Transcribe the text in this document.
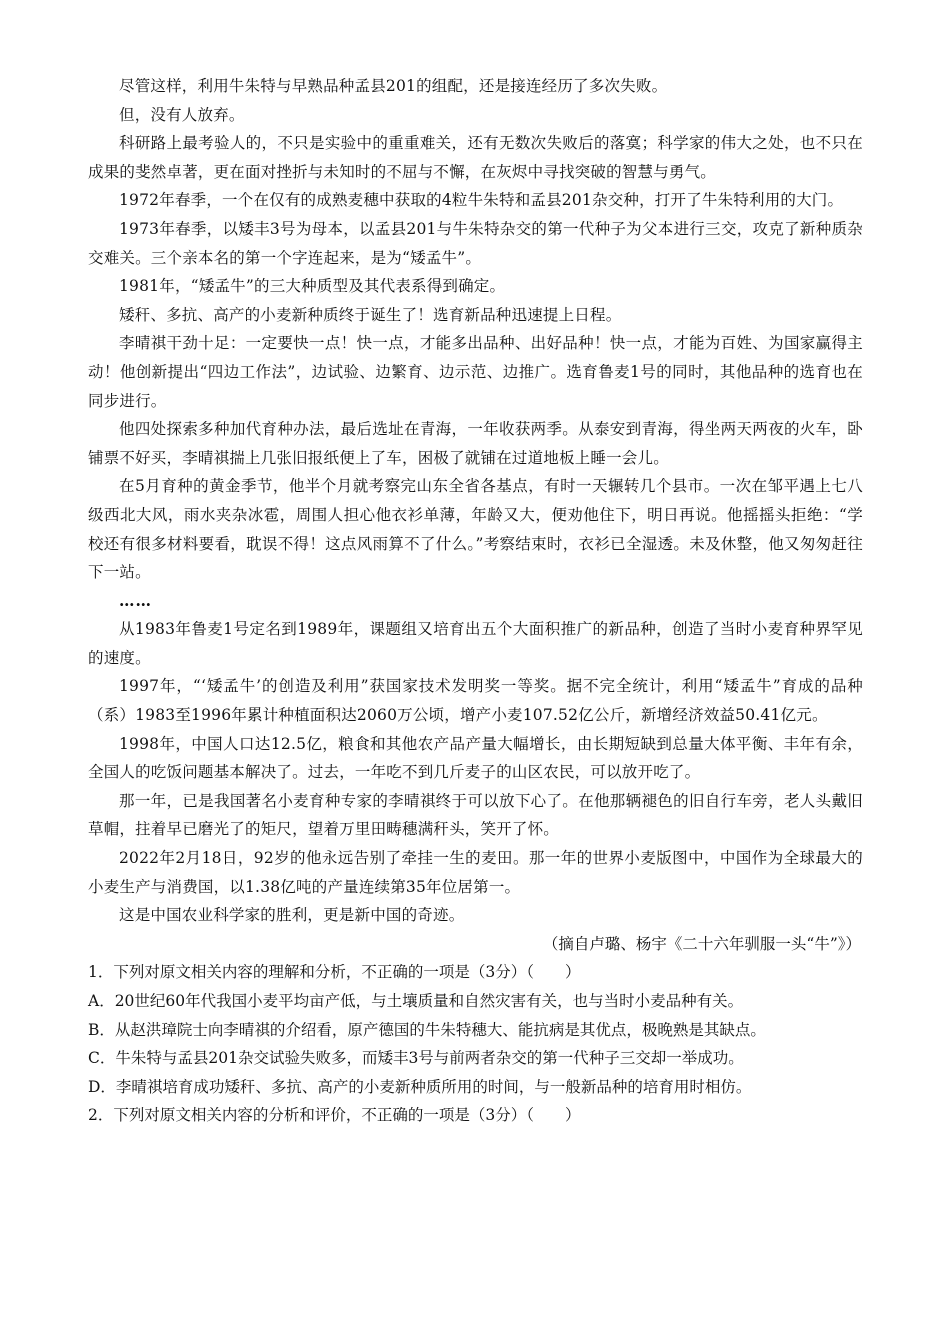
尽管这样，利用牛朱特与早熟品种孟县201的组配，还是接连经历了多次失败。

但，没有人放弃。

科研路上最考验人的，不只是实验中的重重难关，还有无数次失败后的落寞；科学家的伟大之处，也不只在成果的斐然卓著，更在面对挫折与未知时的不屈与不懈，在灰烬中寻找突破的智慧与勇气。

1972年春季，一个在仅有的成熟麦穗中获取的4粒牛朱特和孟县201杂交种，打开了牛朱特利用的大门。

1973年春季，以矮丰3号为母本，以孟县201与牛朱特杂交的第一代种子为父本进行三交，攻克了新种质杂交难关。三个亲本名的第一个字连起来，是为“矮孟牛”。

1981年，“矮孟牛”的三大种质型及其代表系得到确定。

矮秆、多抗、高产的小麦新种质终于诞生了！选育新品种迅速提上日程。

李晴祺干劲十足：一定要快一点！快一点，才能多出品种、出好品种！快一点，才能为百姓、为国家赢得主动！他创新提出“四边工作法”，边试验、边繁育、边示范、边推广。选育鲁麦1号的同时，其他品种的选育也在同步进行。

他四处探索多种加代育种办法，最后选址在青海，一年收获两季。从泰安到青海，得坐两天两夜的火车，卧铺票不好买，李晴祺揣上几张旧报纸便上了车，困极了就铺在过道地板上睡一会儿。

在5月育种的黄金季节，他半个月就考察完山东全省各基点，有时一天辗转几个县市。一次在邹平遇上七八级西北大风，雨水夹杂冰雹，周围人担心他衣衫单薄，年龄又大，便劝他住下，明日再说。他摇摇头拒绝：“学校还有很多材料要看，耽误不得！这点风雨算不了什么。”考察结束时，衣衫已全湿透。未及休整，他又匆匆赶往下一站。

……

从1983年鲁麦1号定名到1989年，课题组又培育出五个大面积推广的新品种，创造了当时小麦育种界罕见的速度。

1997年，“‘矮孟牛’的创造及利用”获国家技术发明奖一等奖。据不完全统计，利用“矮孟牛”育成的品种（系）1983至1996年累计种植面积达2060万公顷，增产小麦107.52亿公斤，新增经济效益50.41亿元。

1998年，中国人口达12.5亿，粮食和其他农产品产量大幅增长，由长期短缺到总量大体平衡、丰年有余，全国人的吃饭问题基本解决了。过去，一年吃不到几斤麦子的山区农民，可以放开吃了。

那一年，已是我国著名小麦育种专家的李晴祺终于可以放下心了。在他那辆褪色的旧自行车旁，老人头戴旧草帽，拄着早已磨光了的矩尺，望着万里田畴穗满秆头，笑开了怀。

2022年2月18日，92岁的他永远告别了牵挂一生的麦田。那一年的世界小麦版图中，中国作为全球最大的小麦生产与消费国，以1.38亿吨的产量连续第35年位居第一。

这是中国农业科学家的胜利，更是新中国的奇迹。

（摘自卢璐、杨宇《二十六年驯服一头“牛”》）

1．下列对原文相关内容的理解和分析，不正确的一项是（3分）（　　）

A．20世纪60年代我国小麦平均亩产低，与土壤质量和自然灾害有关，也与当时小麦品种有关。

B．从赵洪璋院士向李晴祺的介绍看，原产德国的牛朱特穗大、能抗病是其优点，极晚熟是其缺点。

C．牛朱特与孟县201杂交试验失败多，而矮丰3号与前两者杂交的第一代种子三交却一举成功。

D．李晴祺培育成功矮秆、多抗、高产的小麦新种质所用的时间，与一般新品种的培育用时相仿。

2．下列对原文相关内容的分析和评价，不正确的一项是（3分）（　　）
